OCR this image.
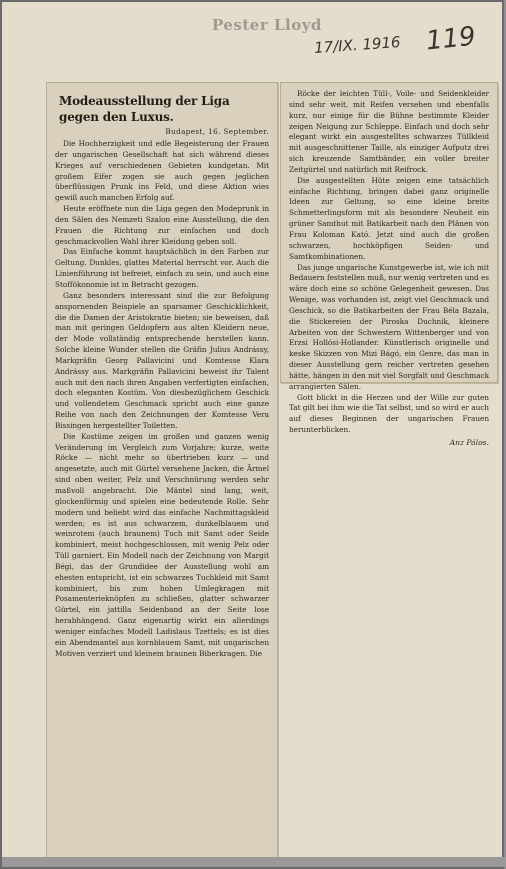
Pester Lloyd
17/IX. 1916 119
Modeausstellung der Liga gegen den Luxus.
Budapest, 16. September.

Die Hochherzigkeit und edle Begeisterung der Frauen der ungarischen Gesellschaft hat sich während dieses Krieges auf verschiedenen Gebieten kundgetan. Mit großem Eifer zogen sie auch gegen jeglichen überflüssigen Prunk ins Feld, und diese Aktion wies gewiß auch manchen Erfolg auf.

Heute eröffnete nun die Liga gegen den Modeprunk in den Sälen des Nemzeti Szalon eine Ausstellung, die den Frauen die Richtung zur einfachen und doch geschmackvollen Wahl ihrer Kleidung geben soll.

Das Einfache kommt hauptsächlich in den Farben zur Geltung. Dunkles, glattes Material herrscht vor. Auch die Linienführung ist befreiet, einfach zu sein, und auch eine Stoffökonomie ist in Betracht gezogen.

Ganz besonders interessant sind die zur Befolgung anspornenden Beispiele an sparsamer Geschicklichkeit, die die Damen der Aristokratie bieten; sie beweisen, daß man mit geringen Geldopfern aus alten Kleidern neue, der Mode vollständig entsprechende herstellen kann. Solche kleine Wunder stellen die Gräfin Julius Andrássy, Markgräfin Georg Pallavicini und Komtesse Klara Andrássy aus. Markgräfin Pallavicini beweist ihr Talent auch mit den nach ihren Angaben verfertigten einfachen, doch eleganten Kostüm. Von diesbezüglichem Geschick und vollendetem Geschmack spricht auch eine ganze Reihe von nach den Zeichnungen der Komtesse Vera Bissingen hergestellter Toiletten.

Die Kostüme zeigen im großen und ganzen wenig Veränderung im Vergleich zum Vorjahre; kurze, weite Röcke — nicht mehr so übertrieben kurz — und angesetzte, auch mit Gürtel versehene Jacken, die Ärmel sind oben weiter, Pelz und Verschnürung werden sehr maßvoll angebracht. Die Mäntel sind lang, weit, glockenförmig und spielen eine bedeutende Rolle. Sehr modern und beliebt wird das einfache Nachmittagskleid werden; es ist aus schwarzem, dunkelblauem und weinrotem (auch braunem) Tuch mit Samt oder Seide kombiniert, meist hochgeschlossen, mit wenig Pelz oder Tüll garniert. Ein Modell nach der Zeichnung von Margit Bégi, das der Grundidee der Ausstellung wohl am ehesten entspricht, ist ein schwarzes Tuchkleid mit Samt kombiniert, bis zum hohen Umlegkragen mit Posamenterieknöpfen zu schließen, glatter schwarzer Gürtel, ein jattilla Seidenband an der Seite lose herabhängend. Ganz eigenartig wirkt ein allerdings weniger einfaches Modell Ladislaus Tzettels; es ist dies ein Abendmantel aus kornblauem Samt, mit ungarischen Motiven verziert und kleinem braunen Biberkragen. Die

Röcke der leichten Tüll-, Voile- und Seidenkleider sind sehr weit, mit Reifen versehen und ebenfalls kurz, nur einige für die Bühne bestimmte Kleider zeigen Neigung zur Schleppe. Einfach und doch sehr elegant wirkt ein ausgestelltes schwarzes Tüllkleid mit ausgeschnittener Taille, als einziger Aufputz drei sich kreuzende Samtbänder, ein voller breiter Zeitgürtel und natürlich mit Reifrock.

Die ausgestellten Hüte zeigen eine tatsächlich einfache Richtung, bringen dabei ganz originelle Ideen zur Geltung, so eine kleine breite Schmetterlingsform mit als besondere Neuheit ein grüner Samthut mit Batikarbeit nach den Plänen von Frau Koloman Kató. Jetzt sind auch die großen schwarzen, hochköpfigen Seiden- und Samtkombinationen.

Das junge ungarische Kunstgewerbe ist, wie ich mit Bedauern feststellen muß, nur wenig vertreten und es wäre doch eine so schöne Gelegenheit gewesen. Das Wenige, was vorhanden ist, zeigt viel Geschmack und Geschick, so die Batikarbeiten der Frau Béla Bazala, die Stickereien der Piroska Duchnik, kleinere Arbeiten von der Schwestern Wittenberger und von Erzsi Hollósi-Hollander. Künstlerisch originelle und keske Skizzen von Mizi Bágó, ein Genre, das man in dieser Ausstellung gern reicher vertreten gesehen hätte, hängen in den mit viel Sorgfalt und Geschmack arrangierten Sälen.

Gott blickt in die Herzen und der Wille zur guten Tat gilt bei ihm wie die Tat selbst, und so wird er auch auf dieses Beginnen der ungarischen Frauen herunterblicken.

Anz Pálos.
